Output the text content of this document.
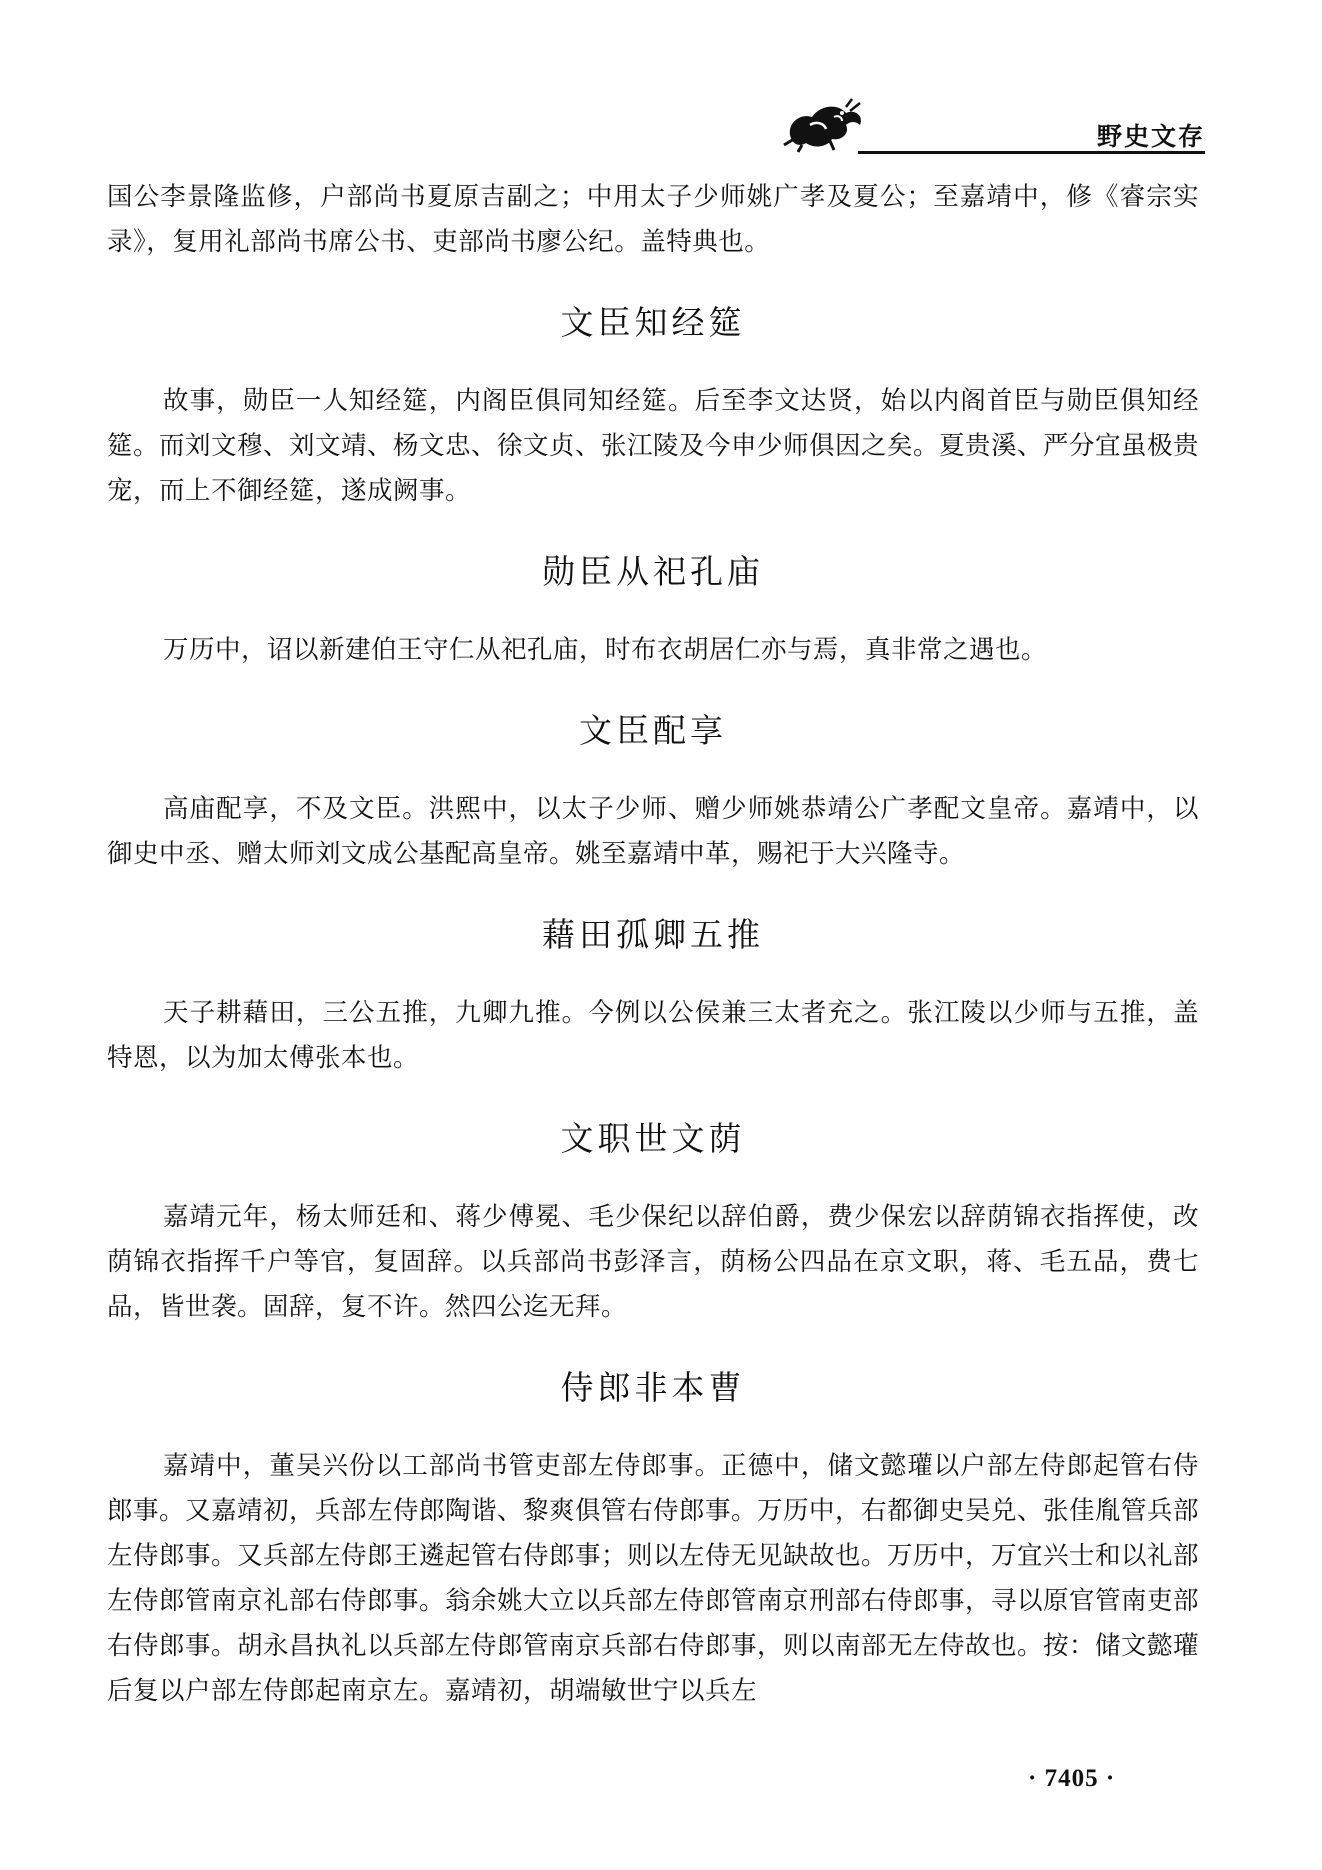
野史文存

国公李景隆监修，户部尚书夏原吉副之；中用太子少师姚广孝及夏公；至嘉靖中，修《睿宗实录》，复用礼部尚书席公书、吏部尚书廖公纪。盖特典也。

文臣知经筵

故事，勋臣一人知经筵，内阁臣俱同知经筵。后至李文达贤，始以内阁首臣与勋臣俱知经筵。而刘文穆、刘文靖、杨文忠、徐文贞、张江陵及今申少师俱因之矣。夏贵溪、严分宜虽极贵宠，而上不御经筵，遂成阙事。

勋臣从祀孔庙

万历中，诏以新建伯王守仁从祀孔庙，时布衣胡居仁亦与焉，真非常之遇也。

文臣配享

高庙配享，不及文臣。洪熙中，以太子少师、赠少师姚恭靖公广孝配文皇帝。嘉靖中，以御史中丞、赠太师刘文成公基配高皇帝。姚至嘉靖中革，赐祀于大兴隆寺。

藉田孤卿五推

天子耕藉田，三公五推，九卿九推。今例以公侯兼三太者充之。张江陵以少师与五推，盖特恩，以为加太傅张本也。

文职世文荫

嘉靖元年，杨太师廷和、蒋少傅冕、毛少保纪以辞伯爵，费少保宏以辞荫锦衣指挥使，改荫锦衣指挥千户等官，复固辞。以兵部尚书彭泽言，荫杨公四品在京文职，蒋、毛五品，费七品，皆世袭。固辞，复不许。然四公迄无拜。

侍郎非本曹

嘉靖中，董吴兴份以工部尚书管吏部左侍郎事。正德中，储文懿瓘以户部左侍郎起管右侍郎事。又嘉靖初，兵部左侍郎陶谐、黎爽俱管右侍郎事。万历中，右都御史吴兑、张佳胤管兵部左侍郎事。又兵部左侍郎王遴起管右侍郎事；则以左侍无见缺故也。万历中，万宜兴士和以礼部左侍郎管南京礼部右侍郎事。翁余姚大立以兵部左侍郎管南京刑部右侍郎事，寻以原官管南吏部右侍郎事。胡永昌执礼以兵部左侍郎管南京兵部右侍郎事，则以南部无左侍故也。按：储文懿瓘后复以户部左侍郎起南京左。嘉靖初，胡端敏世宁以兵左

· 7405 ·
